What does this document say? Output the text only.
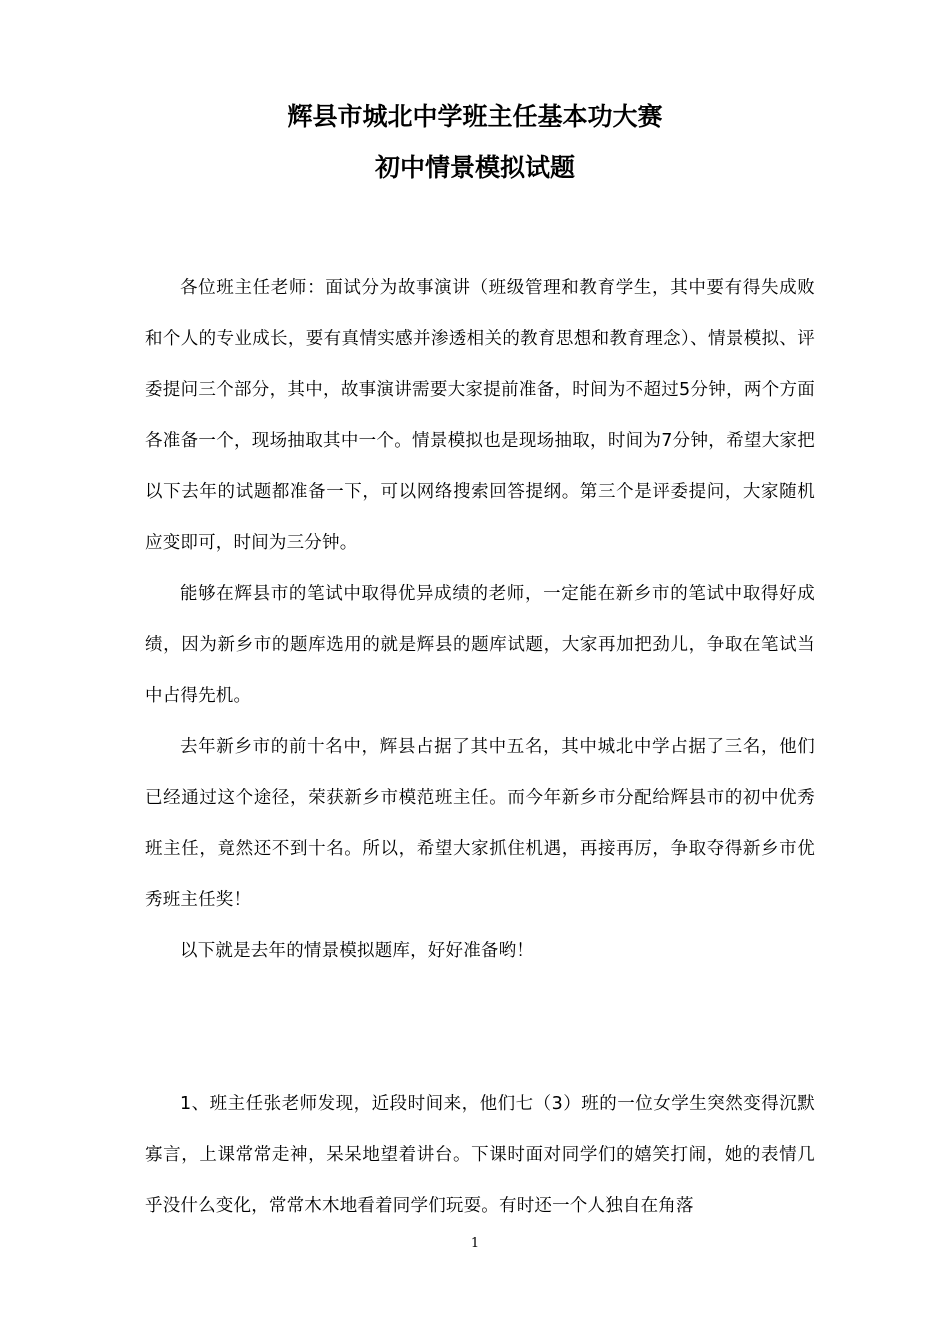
辉县市城北中学班主任基本功大赛
初中情景模拟试题

各位班主任老师：面试分为故事演讲（班级管理和教育学生，其中要有得失成败和个人的专业成长，要有真情实感并渗透相关的教育思想和教育理念）、情景模拟、评委提问三个部分，其中，故事演讲需要大家提前准备，时间为不超过5分钟，两个方面各准备一个，现场抽取其中一个。情景模拟也是现场抽取，时间为7分钟，希望大家把以下去年的试题都准备一下，可以网络搜索回答提纲。第三个是评委提问，大家随机应变即可，时间为三分钟。

能够在辉县市的笔试中取得优异成绩的老师，一定能在新乡市的笔试中取得好成绩，因为新乡市的题库选用的就是辉县的题库试题，大家再加把劲儿，争取在笔试当中占得先机。

去年新乡市的前十名中，辉县占据了其中五名，其中城北中学占据了三名，他们已经通过这个途径，荣获新乡市模范班主任。而今年新乡市分配给辉县市的初中优秀班主任，竟然还不到十名。所以，希望大家抓住机遇，再接再厉，争取夺得新乡市优秀班主任奖！

以下就是去年的情景模拟题库，好好准备哟！

1、班主任张老师发现，近段时间来，他们七（3）班的一位女学生突然变得沉默寡言，上课常常走神，呆呆地望着讲台。下课时面对同学们的嬉笑打闹，她的表情几乎没什么变化，常常木木地看着同学们玩耍。有时还一个人独自在角落

1
